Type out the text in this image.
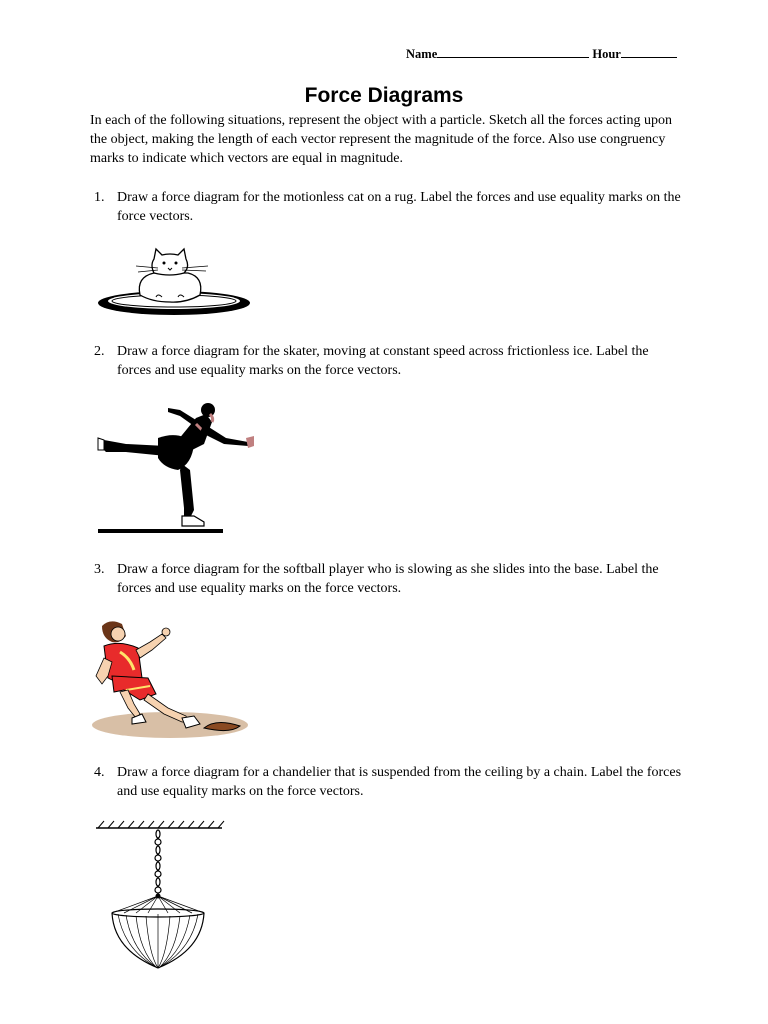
Name	Hour
Force Diagrams
In each of the following situations, represent the object with a particle. Sketch all the forces acting upon the object, making the length of each vector represent the magnitude of the force. Also use congruency marks to indicate which vectors are equal in magnitude.
1. Draw a force diagram for the motionless cat on a rug. Label the forces and use equality marks on the force vectors.
2. Draw a force diagram for the skater, moving at constant speed across frictionless ice. Label the forces and use equality marks on the force vectors.
3. Draw a force diagram for the softball player who is slowing as she slides into the base. Label the forces and use equality marks on the force vectors.
4. Draw a force diagram for a chandelier that is suspended from the ceiling by a chain. Label the forces and use equality marks on the force vectors.
